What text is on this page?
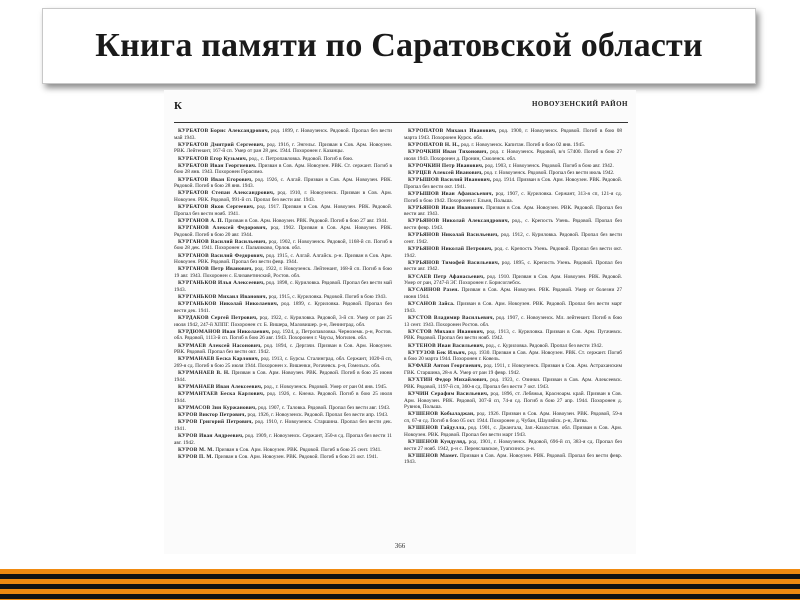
Книга памяти по Саратовской области
К	НОВОУЗЕНСКИЙ РАЙОН

КУРБАТОВ Борис Александрович, род. 1899, г. Новоузенск. Рядовой. Пропал без вести май 1943.

КУРБАТОВ Дмитрий Сергеевич, род. 1916, г. Энгельс. Призван в Сов. Арм. Новоузен. РВК. Лейтенант, 167-й сп. Умер от ран 28 дек. 1944. Похоронен г. Казанцы.

КУРБАТОВ Егор Кузьмич, род., с. Петропавловка. Рядовой. Погиб в бою.

КУРБАТОВ Иван Георгиевич. Призван в Сов. Арм. Новоузен. РВК. Ст. сержант. Погиб в бою 28 янв. 1943. Похоронен Герасимо.

КУРБАТОВ Иван Егорович, род. 1926, с. Алгай. Призван в Сов. Арм. Новоузен. РВК. Рядовой. Погиб в бою 28 янв. 1943.

КУРБАТОВ Степан Александрович, род. 1910, г. Новоузенск. Призван в Сов. Арм. Новоузен. РВК. Рядовой, 991-й сп. Пропал без вести авг. 1943.

КУРБАТОВ Яков Сергеевич, род. 1917. Призван в Сов. Арм. Новоузен. РВК. Рядовой. Пропал без вести нояб. 1941.

КУРГАНОВ А. П. Призван в Сов. Арм. Новоузен. РВК. Рядовой. Погиб в бою 27 авг. 1944.

КУРГАНОВ Алексей Федорович, род. 1902. Призван в Сов. Арм. Новоузен. РВК. Рядовой. Погиб в бою 20 авг. 1944.

КУРГАНОВ Василий Васильевич, род. 1902, г. Новоузенск. Рядовой, 1168-й сп. Погиб в бою 28 дек. 1941. Похоронен с. Пальчиково, Орлов. обл.

КУРГАНОВ Василий Федорович, род. 1915, с. Алгай. Алгайск. р-н. Призван в Сов. Арм. Новоузен. РВК. Рядовой. Пропал без вести февр. 1944.

КУРГАНОВ Петр Иванович, род. 1922, г. Новоузенск. Лейтенант, 168-й сп. Погиб в бою 19 авг. 1943. Похоронен с. Елизаветинский, Ростов. обл.

КУРГАНЬКОВ Илья Алексеевич, род. 1898, с. Куриловка. Рядовой. Пропал без вести май 1943.

КУРГАНЬКОВ Михаил Иванович, род. 1915, с. Куриловка. Рядовой. Погиб в бою 1943.

КУРГАНЬКОВ Николай Николаевич, род. 1899, с. Куриловка. Рядовой. Пропал без вести дек. 1941.

КУРДАКОВ Сергей Петрович, род. 1922, с. Куриловка. Рядовой, 3-й сп. Умер от ран 25 июля 1942, 247-й ХППГ. Похоронен ст. Б. Вишера, Маловишер. р-н, Ленинград. обл.

КУРДЮМАНОВ Иван Николаевич, род. 1924, д. Петропавловка. Черноземк. р-н, Ростов. обл. Рядовой, 1113-й сп. Погиб в бою 26 авг. 1943. Похоронен г. Чаусы, Могилев. обл.

КУРМАЕВ Алексей Насонович, род. 1894, с. Дергачи. Призван в Сов. Арм. Новоузен. РВК. Рядовой. Пропал без вести окт. 1942.

КУРМАНАЕВ Беска Карлович, род. 1913, с. Бурсы. Сталинград. обл. Сержант, 1020-й сп, 269-я сд. Погиб в бою 25 июля 1944. Похоронен х. Вишенки, Рогачевск. р-н, Гомельск. обл.

КУРМАНАЕВ В. Н. Призван в Сов. Арм. Новоузен. РВК. Рядовой. Погиб в бою 25 июня 1944.

КУРМАНАЕВ Иван Алексеевич, род., г. Новоузенск. Рядовой. Умер от ран 04 янв. 1945.

КУРМАНТАЕВ Беска Карлович, род. 1926, с. Кнежа. Рядовой. Погиб в бою 25 июля 1944.

КУРМАСОВ Зин Куржанович, род. 1907, с. Таловка. Рядовой. Пропал без вести авг. 1943.

КУРОВ Виктор Петрович, род. 1926, г. Новоузенск. Рядовой. Пропал без вести апр. 1943.

КУРОВ Григорий Петрович, род. 1910, г. Новоузенск. Старшина. Пропал без вести дек. 1941.

КУРОВ Иван Андреевич, род. 1909, г. Новоузенск. Сержант, 350-я сд. Пропал без вести 11 авг. 1942.

КУРОВ М. М. Призван в Сов. Арм. Новоузен. РВК. Рядовой. Погиб в бою 25 сент. 1941.

КУРОВ П. М. Призван в Сов. Арм. Новоузен. РВК. Рядовой. Погиб в бою 21 окт. 1941.

КУРОПАТОВ Михаил Иванович, род. 1900, г. Новоузенск. Рядовой. Погиб в бою 08 марта 1943. Похоронен Курск. обл.

КУРОПАТОВ Н. Н., род. г. Новоузенск. Капитан. Погиб в бою 02 янв. 1945.

КУРОЧКИН Иван Тихонович, род. г. Новоузенск. Рядовой, в/ч 57400. Погиб в бою 27 июля 1943. Похоронен д. Пронин, Смоленск. обл.

КУРОЧКИН Петр Иванович, род. 1903, г. Новоузенск. Рядовой. Погиб в бою авг. 1942.

КУРЦЕВ Алексей Иванович, род. г. Новоузенск. Рядовой. Пропал без вести июль 1942.

КУРЫШОВ Василий Иванович, род. 1914. Призван в Сов. Арм. Новоузен. РВК. Рядовой. Пропал без вести окт. 1941.

КУРЫШОВ Иван Афанасьевич, род. 1907, с. Куриловка. Сержант, 313-я сп, 121-я сд. Погиб в бою 1942. Похоронен г. Ельня, Польша.

КУРЬЯНОВ Иван Иванович. Призван в Сов. Арм. Новоузен. РВК. Рядовой. Пропал без вести авг. 1943.

КУРЬЯНОВ Николай Александрович, род., с. Крепость Узень. Рядовой. Пропал без вести февр. 1943.

КУРЬЯНОВ Николай Васильевич, род. 1912, с. Куриловка. Рядовой. Пропал без вести сент. 1942.

КУРЬЯНОВ Николай Петрович, род. с. Крепость Узень. Рядовой. Пропал без вести окт. 1942.

КУРЬЯНОВ Тимофей Васильевич, род. 1895, с. Крепость Узень. Рядовой. Пропал без вести авг. 1942.

КУСАЕВ Петр Афанасьевич, род. 1910. Призван в Сов. Арм. Новоузен. РВК. Рядовой. Умер от ран, 2747-й ЭГ. Похоронен г. Борисоглебск.

КУСАИНОВ Разен. Призван в Сов. Арм. Новоузен. РВК. Рядовой. Умер от болезни 27 июня 1944.

КУСАНОВ Зайса. Призван в Сов. Арм. Новоузен. РВК. Рядовой. Пропал без вести март 1943.

КУСТОВ Владимир Васильевич, род. 1907, с. Новоузенск. Мл. лейтенант. Погиб в бою 13 сент. 1943. Похоронен Ростов. обл.

КУСТОВ Михаил Иванович, род. 1913, с. Куриловка. Призван в Сов. Арм. Пугачевск. РВК. Рядовой. Пропал без вести нояб. 1942.

КУТЕНОВ Иван Васильевич, род., с. Куриловка. Рядовой. Пропал без вести 1942.

КУТУЗОВ Бек Ильич, род. 1930. Призван в Сов. Арм. Новоузен. РВК. Ст. сержант. Погиб в бою 20 марта 1944. Похоронен г. Ковель.

КУФАЕВ Антон Георгиевич, род. 1911, г. Новоузенск. Призван в Сов. Арм. Астраханским ГВК. Старшина, 28-я А. Умер от ран 19 февр. 1942.

КУХТИН Федор Михайлович, род. 1923, с. Озинки. Призван в Сов. Арм. Алексеевск. РВК. Рядовой, 1197-й сп, 360-я сд. Пропал без вести 7 окт. 1943.

КУЧИН Серафим Васильевич, род. 1896, ст. Лебяжья, Красноарм. край. Призван в Сов. Арм. Новоузен. РВК. Рядовой, 307-й сп, 74-я сд. Погиб в бою 27 апр. 1944. Похоронен д. Рувнов, Польша.

КУШЕНОВ Кобыладжан, род. 1926. Призван в Сов. Арм. Новоузен. РВК. Рядовой, 59-я сп, 67-я сд. Погиб в бою 05 окт. 1944. Похоронен д. Чубан, Шауляйск. р-н, Литва.

КУШЕНОВ Гайдулла, род. 1901, с. Джангала, Зап.-Казахстан. обл. Призван в Сов. Арм. Новоузен. РВК. Рядовой. Пропал без вести март 1943.

КУШЕНОВ Кундуляд, род. 1901, г. Новоузенск. Рядовой, 696-й сп, 383-я сд. Пропал без вести 27 нояб. 1942, р-н с. Переяславское, Туапсинск. р-н.

КУШЕНОВ Мамет. Призван в Сов. Арм. Новоузен. РВК. Рядовой. Пропал без вести февр. 1943.

366
